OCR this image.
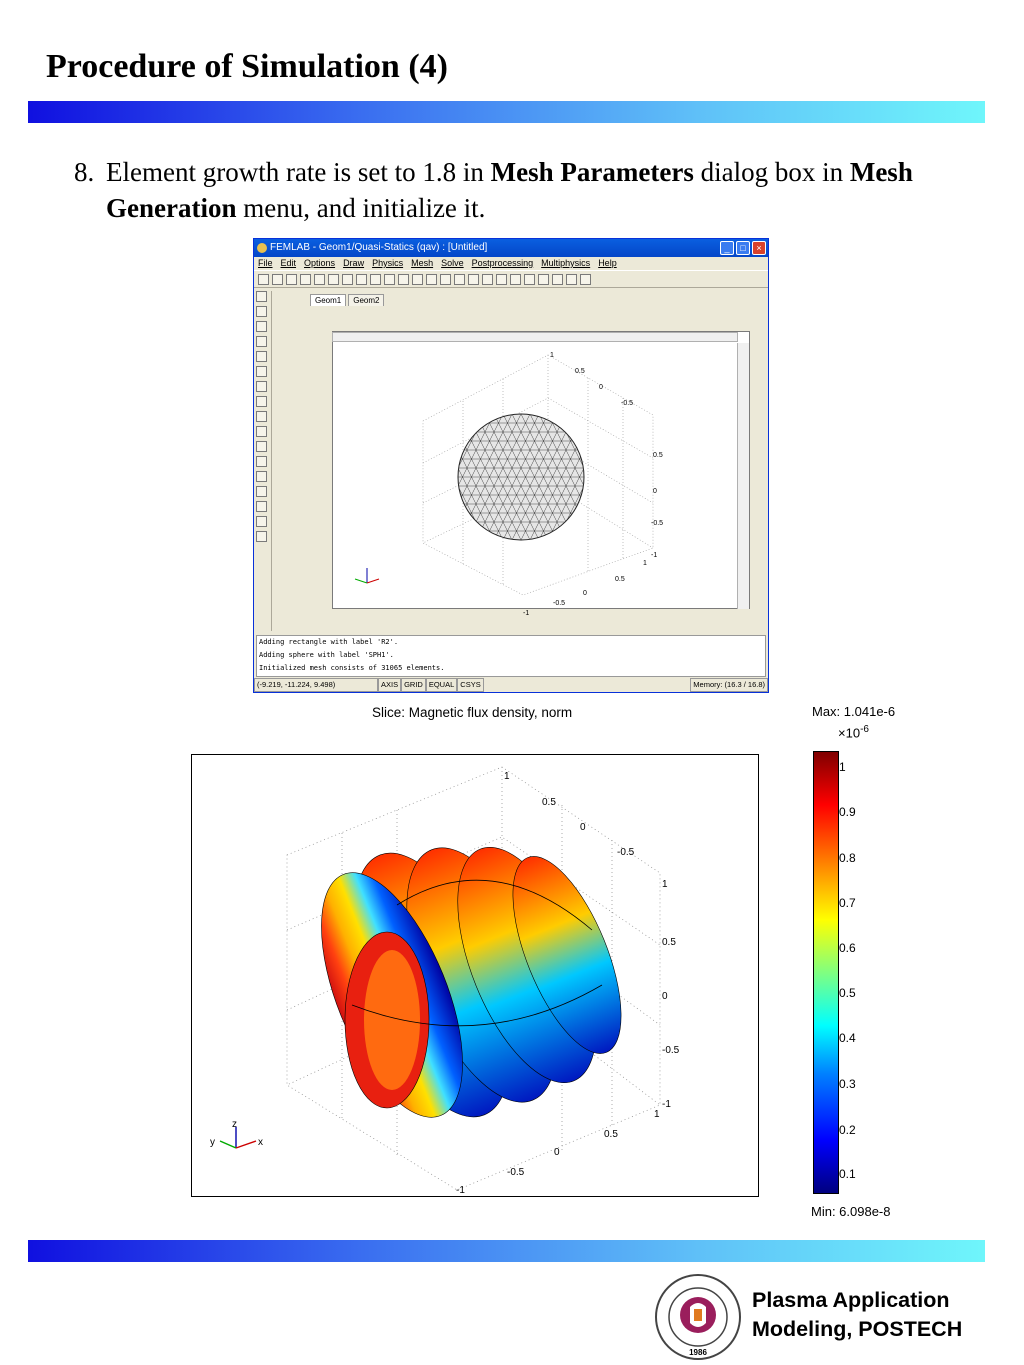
Procedure of Simulation (4)
8. Element growth rate is set to 1.8 in Mesh Parameters dialog box in Mesh Generation menu, and initialize it.
FEMLAB - Geom1/Quasi-Statics (qav) : [Untitled]	_	□	×
File Edit Options Draw Physics Mesh Solve Postprocessing Multiphysics Help
Geom1	Geom2
1
0.5
0
-0.5
0.5
0
-0.5
-1
1
0.5
0
-0.5
-1
Adding rectangle with label 'R2'.
Adding sphere with label 'SPH1'.
Initialized mesh consists of 31065 elements.
(-9.219, -11.224, 9.498)	AXIS GRID EQUAL CSYS	Memory: (16.3 / 16.8)
Slice: Magnetic flux density, norm	Max: 1.041e-6
$\times 10^{-6}$
1
0.5
0
-0.5
1
0.5
0
-0.5
-1
1
0.5
0
-0.5
-1
z
y	x
1
0.9
0.8
0.7
0.6
0.5
0.4
0.3
0.2
0.1
Min: 6.098e-8
1986
Plasma Application
Modeling, POSTECH
